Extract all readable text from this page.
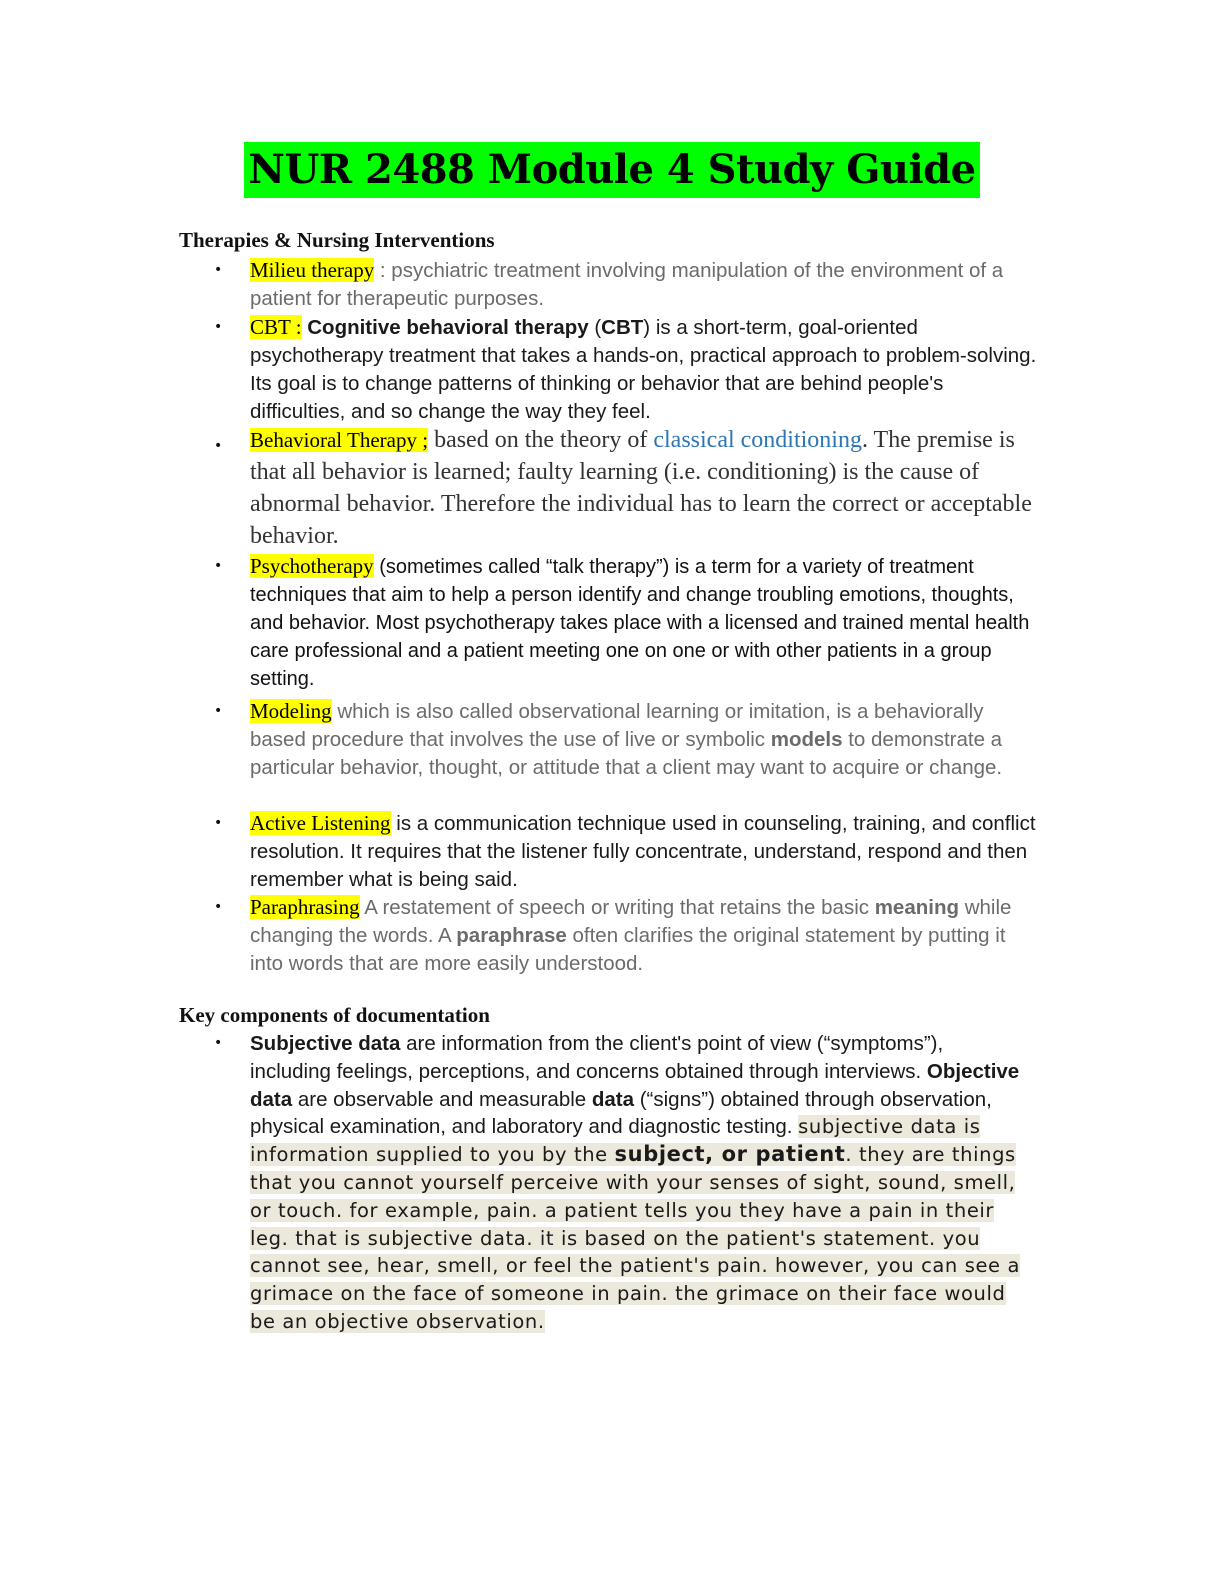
NUR 2488 Module 4 Study Guide
Therapies & Nursing Interventions
• Milieu therapy : psychiatric treatment involving manipulation of the environment of a patient for therapeutic purposes.
• CBT : Cognitive behavioral therapy (CBT) is a short-term, goal-oriented psychotherapy treatment that takes a hands-on, practical approach to problem-solving. Its goal is to change patterns of thinking or behavior that are behind people's difficulties, and so change the way they feel.
• Behavioral Therapy ; based on the theory of classical conditioning. The premise is that all behavior is learned; faulty learning (i.e. conditioning) is the cause of abnormal behavior. Therefore the individual has to learn the correct or acceptable behavior.
• Psychotherapy (sometimes called “talk therapy”) is a term for a variety of treatment techniques that aim to help a person identify and change troubling emotions, thoughts, and behavior. Most psychotherapy takes place with a licensed and trained mental health care professional and a patient meeting one on one or with other patients in a group setting.
• Modeling which is also called observational learning or imitation, is a behaviorally based procedure that involves the use of live or symbolic models to demonstrate a particular behavior, thought, or attitude that a client may want to acquire or change.
• Active Listening is a communication technique used in counseling, training, and conflict resolution. It requires that the listener fully concentrate, understand, respond and then remember what is being said.
• Paraphrasing A restatement of speech or writing that retains the basic meaning while changing the words. A paraphrase often clarifies the original statement by putting it into words that are more easily understood.
Key components of documentation
• Subjective data are information from the client's point of view (“symptoms”), including feelings, perceptions, and concerns obtained through interviews. Objective data are observable and measurable data (“signs”) obtained through observation, physical examination, and laboratory and diagnostic testing. subjective data is information supplied to you by the subject, or patient. they are things that you cannot yourself perceive with your senses of sight, sound, smell, or touch. for example, pain. a patient tells you they have a pain in their leg. that is subjective data. it is based on the patient's statement. you cannot see, hear, smell, or feel the patient's pain. however, you can see a grimace on the face of someone in pain. the grimace on their face would be an objective observation.
